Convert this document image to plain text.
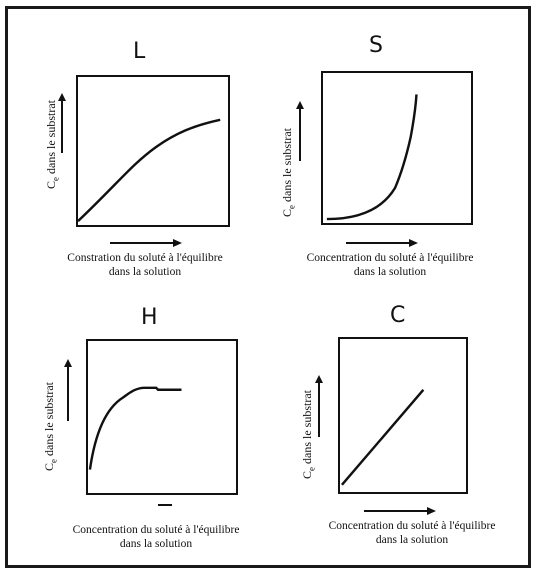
L
$C_e$ dans le substrat
Constration du soluté à l'équilibre
dans la solution
S
$C_e$ dans le substrat
Concentration du soluté à l'équilibre
dans la solution
H
$C_e$ dans le substrat
Concentration du soluté à l'équilibre
dans la solution
C
$C_e$ dans le substrat
Concentration du soluté à l'équilibre
dans la solution
